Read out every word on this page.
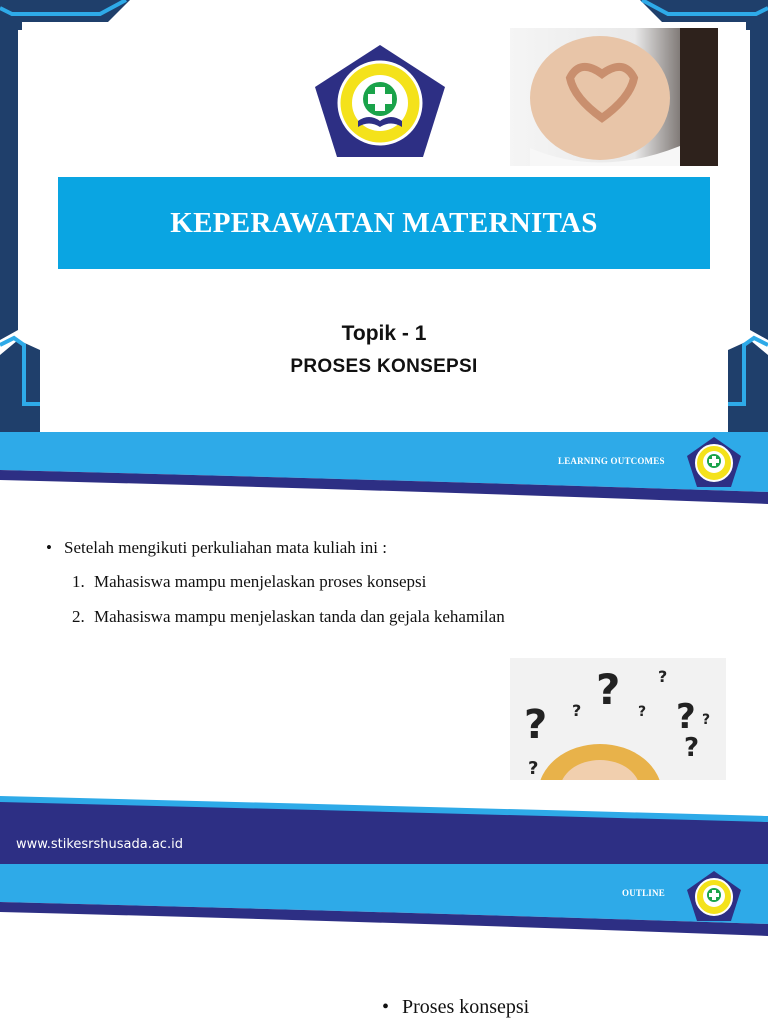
KEPERAWATAN MATERNITAS
Topik - 1
PROSES KONSEPSI
LEARNING OUTCOMES
• Setelah mengikuti perkuliahan mata kuliah ini :
1. Mahasiswa mampu menjelaskan proses konsepsi
2. Mahasiswa mampu menjelaskan tanda dan gejala kehamilan
?
?
?
?
?
?
?
?
?
www.stikesrshusada.ac.id
OUTLINE
• Proses konsepsi
